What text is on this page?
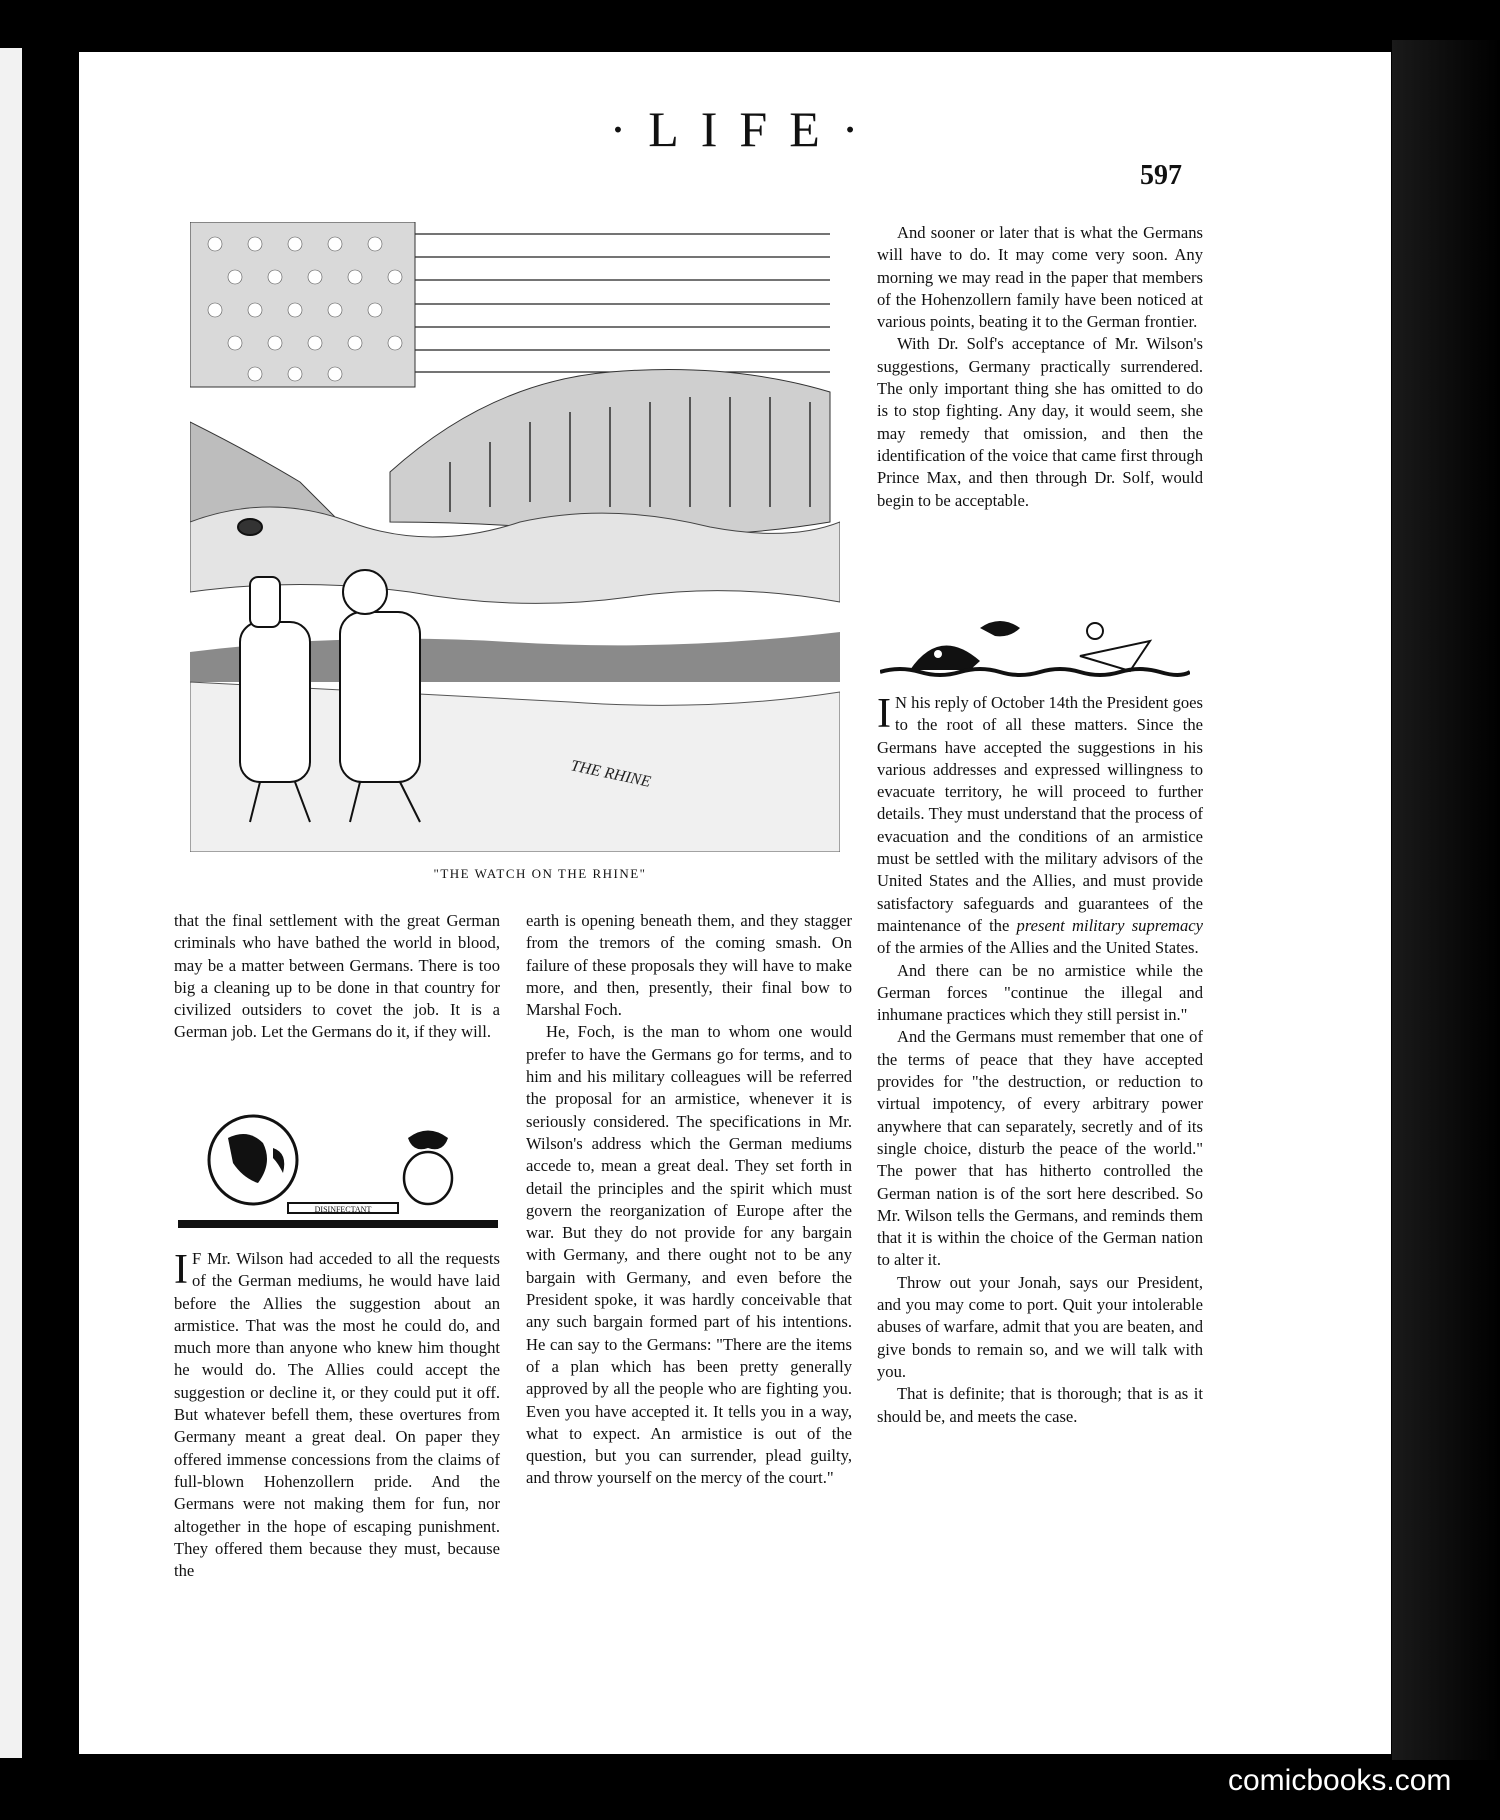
·LIFE·
597
THE RHINE
"THE WATCH ON THE RHINE"
DISINFECTANT

that the final settlement with the great German criminals who have bathed the world in blood, may be a matter between Germans. There is too big a cleaning up to be done in that country for civilized outsiders to covet the job. It is a German job. Let the Germans do it, if they will.

I F Mr. Wilson had acceded to all the requests of the German mediums, he would have laid before the Allies the suggestion about an armistice. That was the most he could do, and much more than anyone who knew him thought he would do. The Allies could accept the suggestion or decline it, or they could put it off. But whatever befell them, these overtures from Germany meant a great deal. On paper they offered immense concessions from the claims of full-blown Hohenzollern pride. And the Germans were not making them for fun, nor altogether in the hope of escaping punishment. They offered them because they must, because the

earth is opening beneath them, and they stagger from the tremors of the coming smash. On failure of these proposals they will have to make more, and then, presently, their final bow to Marshal Foch.

He, Foch, is the man to whom one would prefer to have the Germans go for terms, and to him and his military colleagues will be referred the proposal for an armistice, whenever it is seriously considered. The specifications in Mr. Wilson's address which the German mediums accede to, mean a great deal. They set forth in detail the principles and the spirit which must govern the reorganization of Europe after the war. But they do not provide for any bargain with Germany, and there ought not to be any bargain with Germany, and even before the President spoke, it was hardly conceivable that any such bargain formed part of his intentions. He can say to the Germans: "There are the items of a plan which has been pretty generally approved by all the people who are fighting you. Even you have accepted it. It tells you in a way, what to expect. An armistice is out of the question, but you can surrender, plead guilty, and throw yourself on the mercy of the court."

And sooner or later that is what the Germans will have to do. It may come very soon. Any morning we may read in the paper that members of the Hohenzollern family have been noticed at various points, beating it to the German frontier.

With Dr. Solf's acceptance of Mr. Wilson's suggestions, Germany practically surrendered. The only important thing she has omitted to do is to stop fighting. Any day, it would seem, she may remedy that omission, and then the identification of the voice that came first through Prince Max, and then through Dr. Solf, would begin to be acceptable.

I N his reply of October 14th the President goes to the root of all these matters. Since the Germans have accepted the suggestions in his various addresses and expressed willingness to evacuate territory, he will proceed to further details. They must understand that the process of evacuation and the conditions of an armistice must be settled with the military advisors of the United States and the Allies, and must provide satisfactory safeguards and guarantees of the maintenance of the present military supremacy of the armies of the Allies and the United States.

And there can be no armistice while the German forces "continue the illegal and inhumane practices which they still persist in."

And the Germans must remember that one of the terms of peace that they have accepted provides for "the destruction, or reduction to virtual impotency, of every arbitrary power anywhere that can separately, secretly and of its single choice, disturb the peace of the world." The power that has hitherto controlled the German nation is of the sort here described. So Mr. Wilson tells the Germans, and reminds them that it is within the choice of the German nation to alter it.

Throw out your Jonah, says our President, and you may come to port. Quit your intolerable abuses of warfare, admit that you are beaten, and give bonds to remain so, and we will talk with you.

That is definite; that is thorough; that is as it should be, and meets the case.

comicbooks.com
